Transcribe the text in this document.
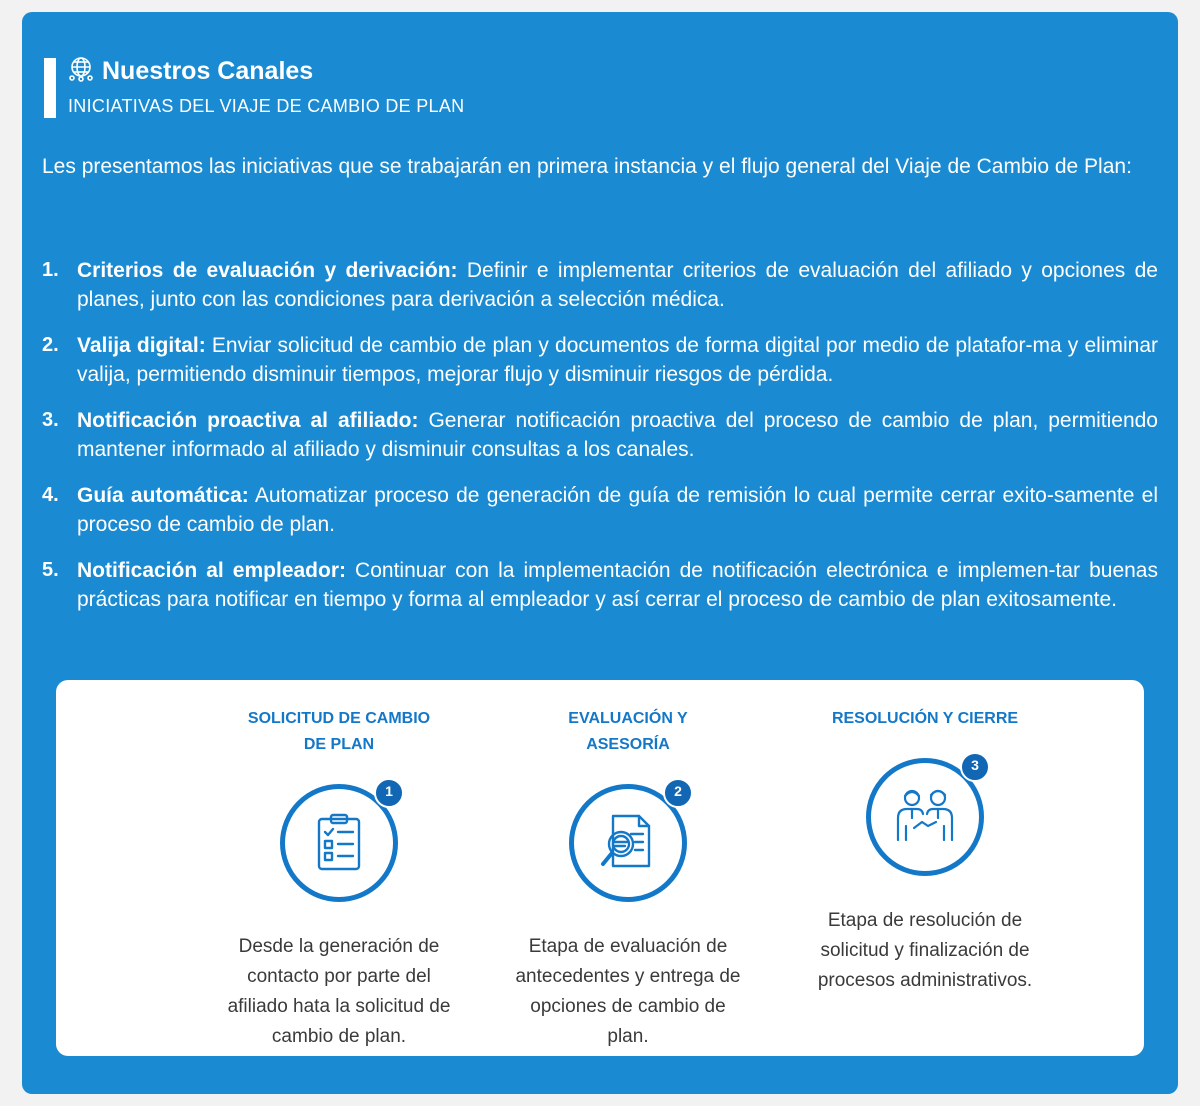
Nuestros Canales
INICIATIVAS DEL VIAJE DE CAMBIO DE PLAN
Les presentamos las iniciativas que se trabajarán en primera instancia y el flujo general del Viaje de Cambio de Plan:
1. Criterios de evaluación y derivación: Definir e implementar criterios de evaluación del afiliado y opciones de planes, junto con las condiciones para derivación a selección médica.
2. Valija digital: Enviar solicitud de cambio de plan y documentos de forma digital por medio de platafor-ma y eliminar valija, permitiendo disminuir tiempos, mejorar flujo y disminuir riesgos de pérdida.
3. Notificación proactiva al afiliado: Generar notificación proactiva del proceso de cambio de plan, permitiendo mantener informado al afiliado y disminuir consultas a los canales.
4. Guía automática: Automatizar proceso de generación de guía de remisión lo cual permite cerrar exito-samente el proceso de cambio de plan.
5. Notificación al empleador: Continuar con la implementación de notificación electrónica e implemen-tar buenas prácticas para notificar en tiempo y forma al empleador y así cerrar el proceso de cambio de plan exitosamente.
SOLICITUD DE CAMBIO DE PLAN
1
Desde la generación de contacto por parte del afiliado hata la solicitud de cambio de plan.
EVALUACIÓN Y ASESORÍA
2
Etapa de evaluación de antecedentes y entrega de opciones de cambio de plan.
RESOLUCIÓN Y CIERRE
3
Etapa de resolución de solicitud y finalización de procesos administrativos.
